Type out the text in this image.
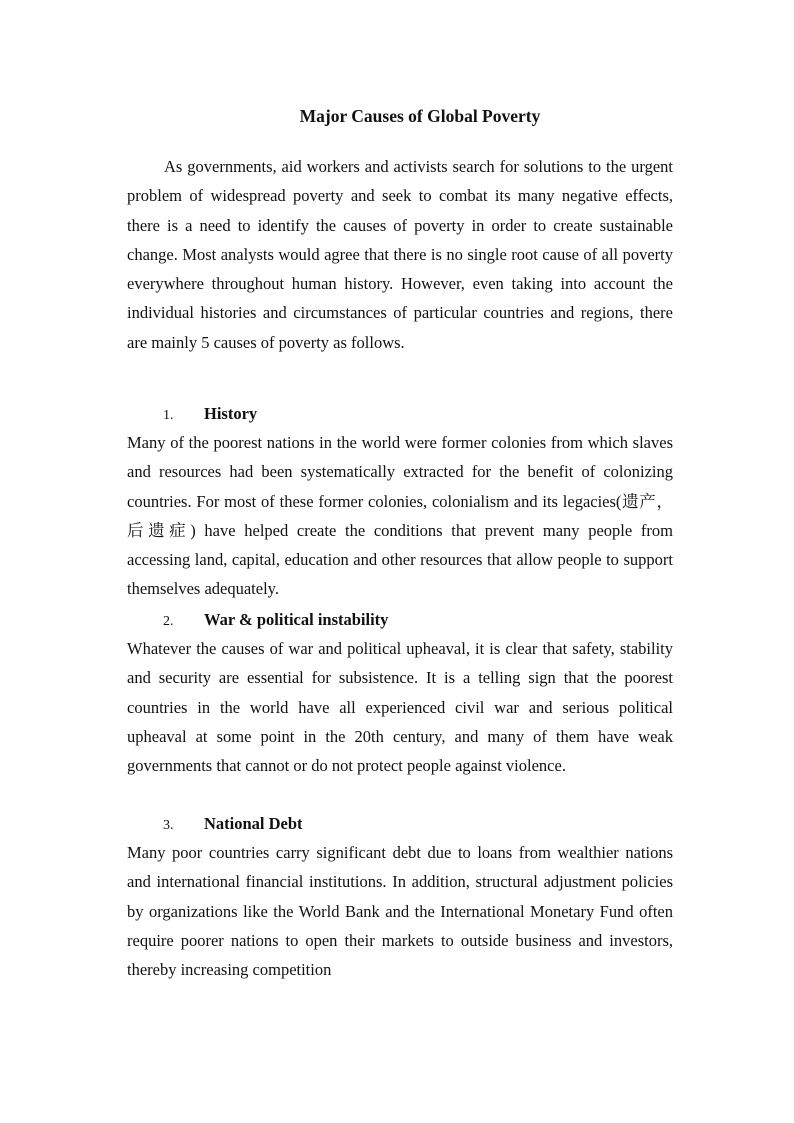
Major Causes of Global Poverty

As governments, aid workers and activists search for solutions to the urgent problem of widespread poverty and seek to combat its many negative effects, there is a need to identify the causes of poverty in order to create sustainable change. Most analysts would agree that there is no single root cause of all poverty everywhere throughout human history. However, even taking into account the individual histories and circumstances of particular countries and regions, there are mainly 5 causes of poverty as follows.

1. History

Many of the poorest nations in the world were former colonies from which slaves and resources had been systematically extracted for the benefit of colonizing countries. For most of these former colonies, colonialism and its legacies(遗产， 后遗症) have helped create the conditions that prevent many people from accessing land, capital, education and other resources that allow people to support themselves adequately.

2. War & political instability

Whatever the causes of war and political upheaval, it is clear that safety, stability and security are essential for subsistence. It is a telling sign that the poorest countries in the world have all experienced civil war and serious political upheaval at some point in the 20th century, and many of them have weak governments that cannot or do not protect people against violence.

3. National Debt

Many poor countries carry significant debt due to loans from wealthier nations and international financial institutions. In addition, structural adjustment policies by organizations like the World Bank and the International Monetary Fund often require poorer nations to open their markets to outside business and investors, thereby increasing competition
